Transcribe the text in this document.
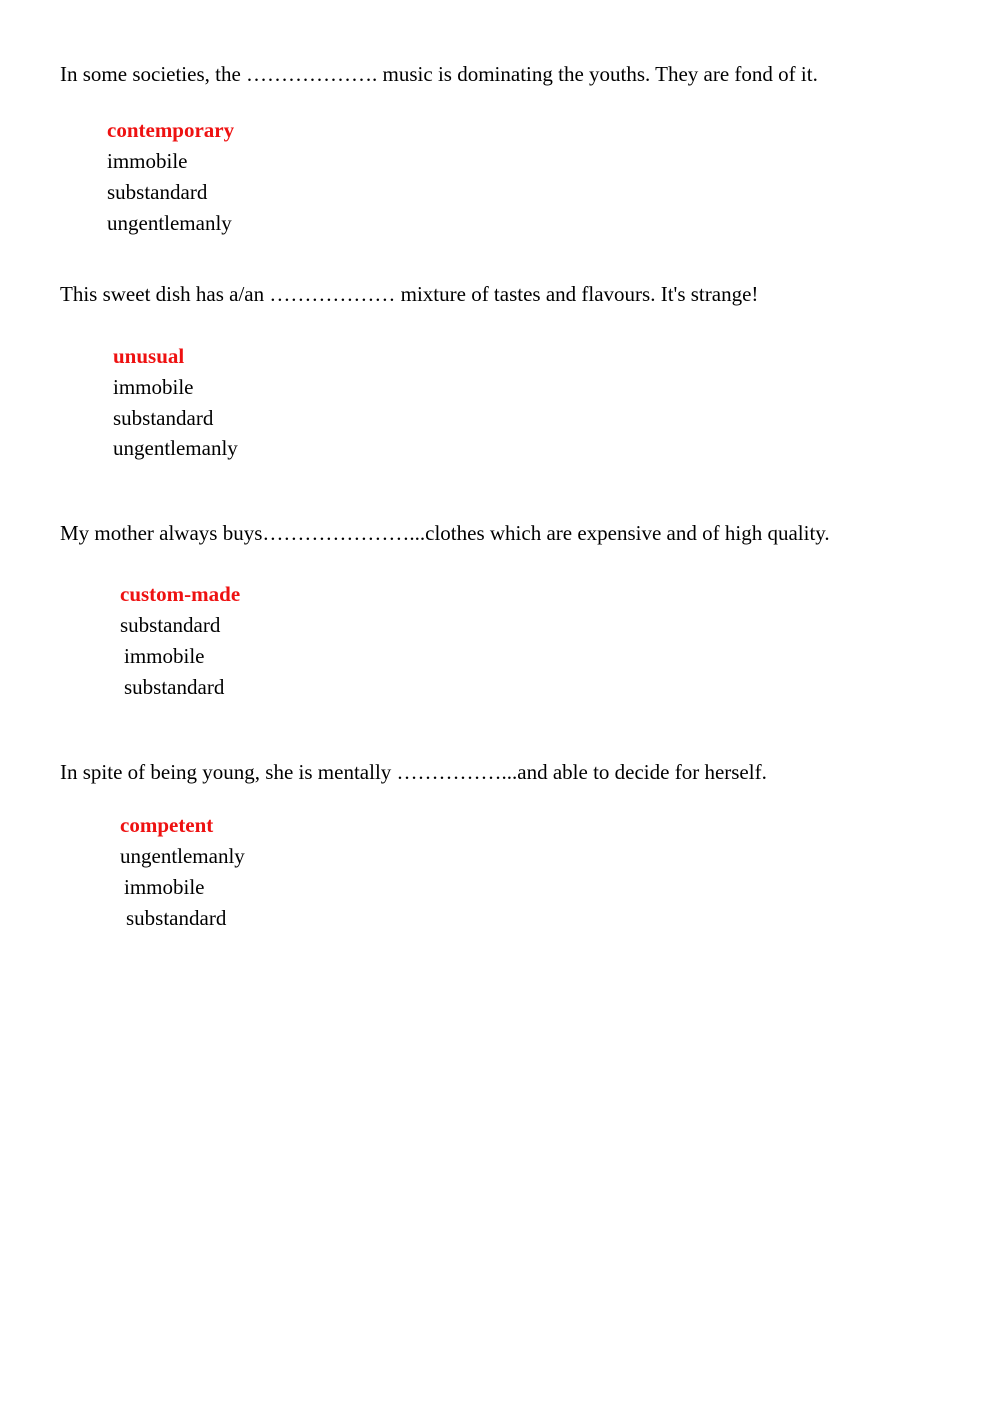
In some societies, the ………………. music is dominating the youths. They are fond of it.

contemporary

immobile

substandard

ungentlemanly

This sweet dish has a/an ……………… mixture of tastes and flavours. It's strange!

unusual

immobile

substandard

ungentlemanly

My mother always buys…………………...clothes which are expensive and of high quality.

custom-made

substandard

immobile

substandard

In spite of being young, she is mentally ……………...and able to decide for herself.

competent

ungentlemanly

immobile

substandard
